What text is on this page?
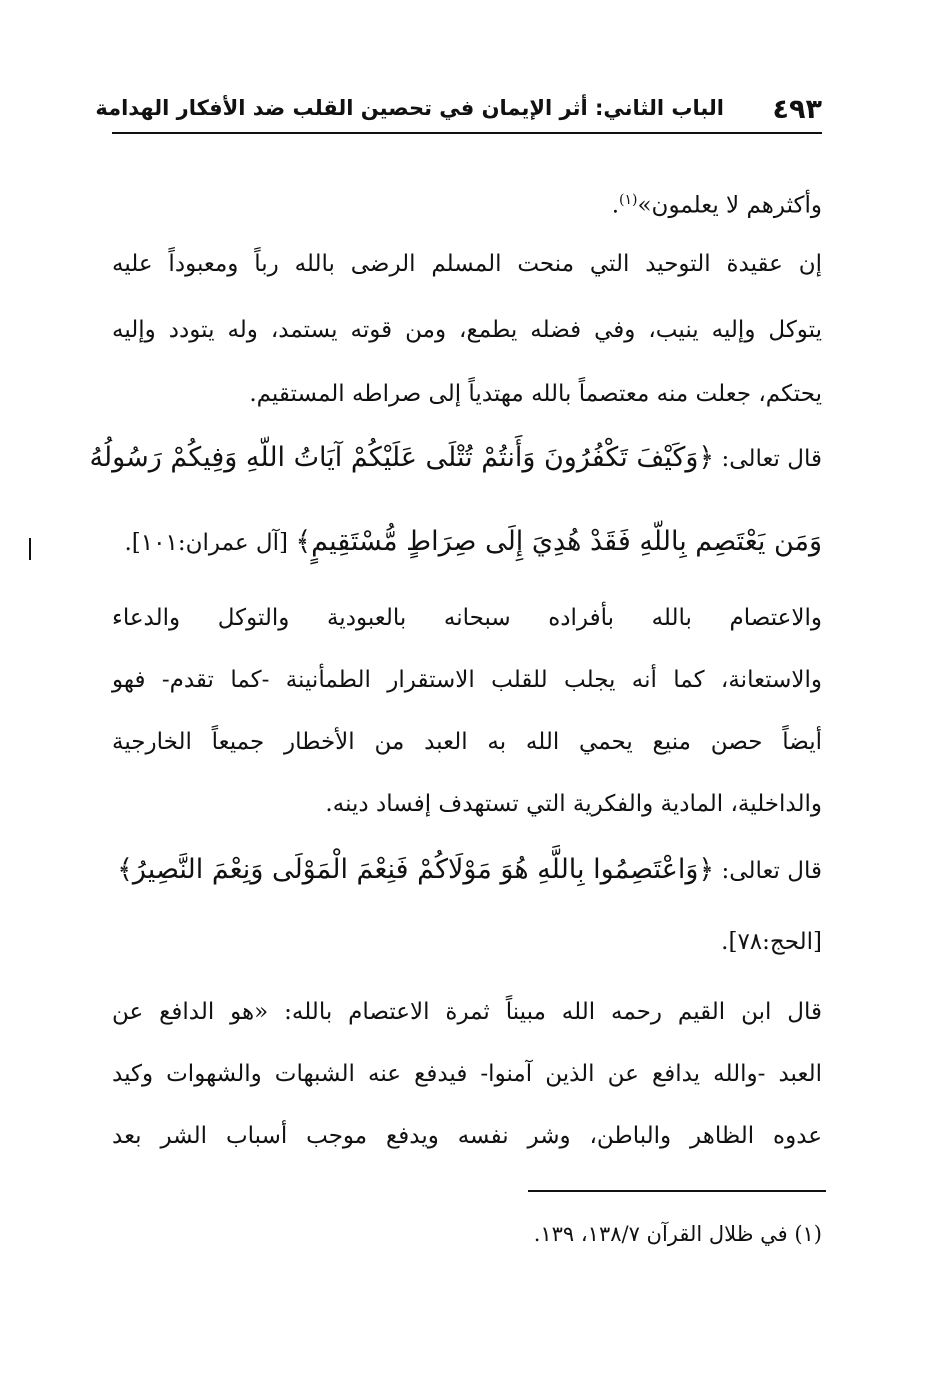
٤٩٣
الباب الثاني: أثر الإيمان في تحصين القلب ضد الأفكار الهدامة
وأكثرهم لا يعلمون»$^{(١)}$.
إن عقيدة التوحيد التي منحت المسلم الرضى بالله رباً ومعبوداً عليه
يتوكل وإليه ينيب، وفي فضله يطمع، ومن قوته يستمد، وله يتودد وإليه
يحتكم، جعلت منه معتصماً بالله مهتدياً إلى صراطه المستقيم.
قال تعالى: ﴿وَكَيْفَ تَكْفُرُونَ وَأَنتُمْ تُتْلَى عَلَيْكُمْ آيَاتُ اللّهِ وَفِيكُمْ رَسُولُهُ
وَمَن يَعْتَصِم بِاللّهِ فَقَدْ هُدِيَ إِلَى صِرَاطٍ مُّسْتَقِيمٍ﴾ [آل عمران:١٠١].
والاعتصام بالله بأفراده سبحانه بالعبودية والتوكل والدعاء
والاستعانة، كما أنه يجلب للقلب الاستقرار الطمأنينة -كما تقدم- فهو
أيضاً حصن منيع يحمي الله به العبد من الأخطار جميعاً الخارجية
والداخلية، المادية والفكرية التي تستهدف إفساد دينه.
قال تعالى: ﴿وَاعْتَصِمُوا بِاللَّهِ هُوَ مَوْلَاكُمْ فَنِعْمَ الْمَوْلَى وَنِعْمَ النَّصِيرُ﴾
[الحج:٧٨].
قال ابن القيم رحمه الله مبيناً ثمرة الاعتصام بالله: «هو الدافع عن
العبد -والله يدافع عن الذين آمنوا- فيدفع عنه الشبهات والشهوات وكيد
عدوه الظاهر والباطن، وشر نفسه ويدفع موجب أسباب الشر بعد
(١) في ظلال القرآن ١٣٨/٧، ١٣٩.
